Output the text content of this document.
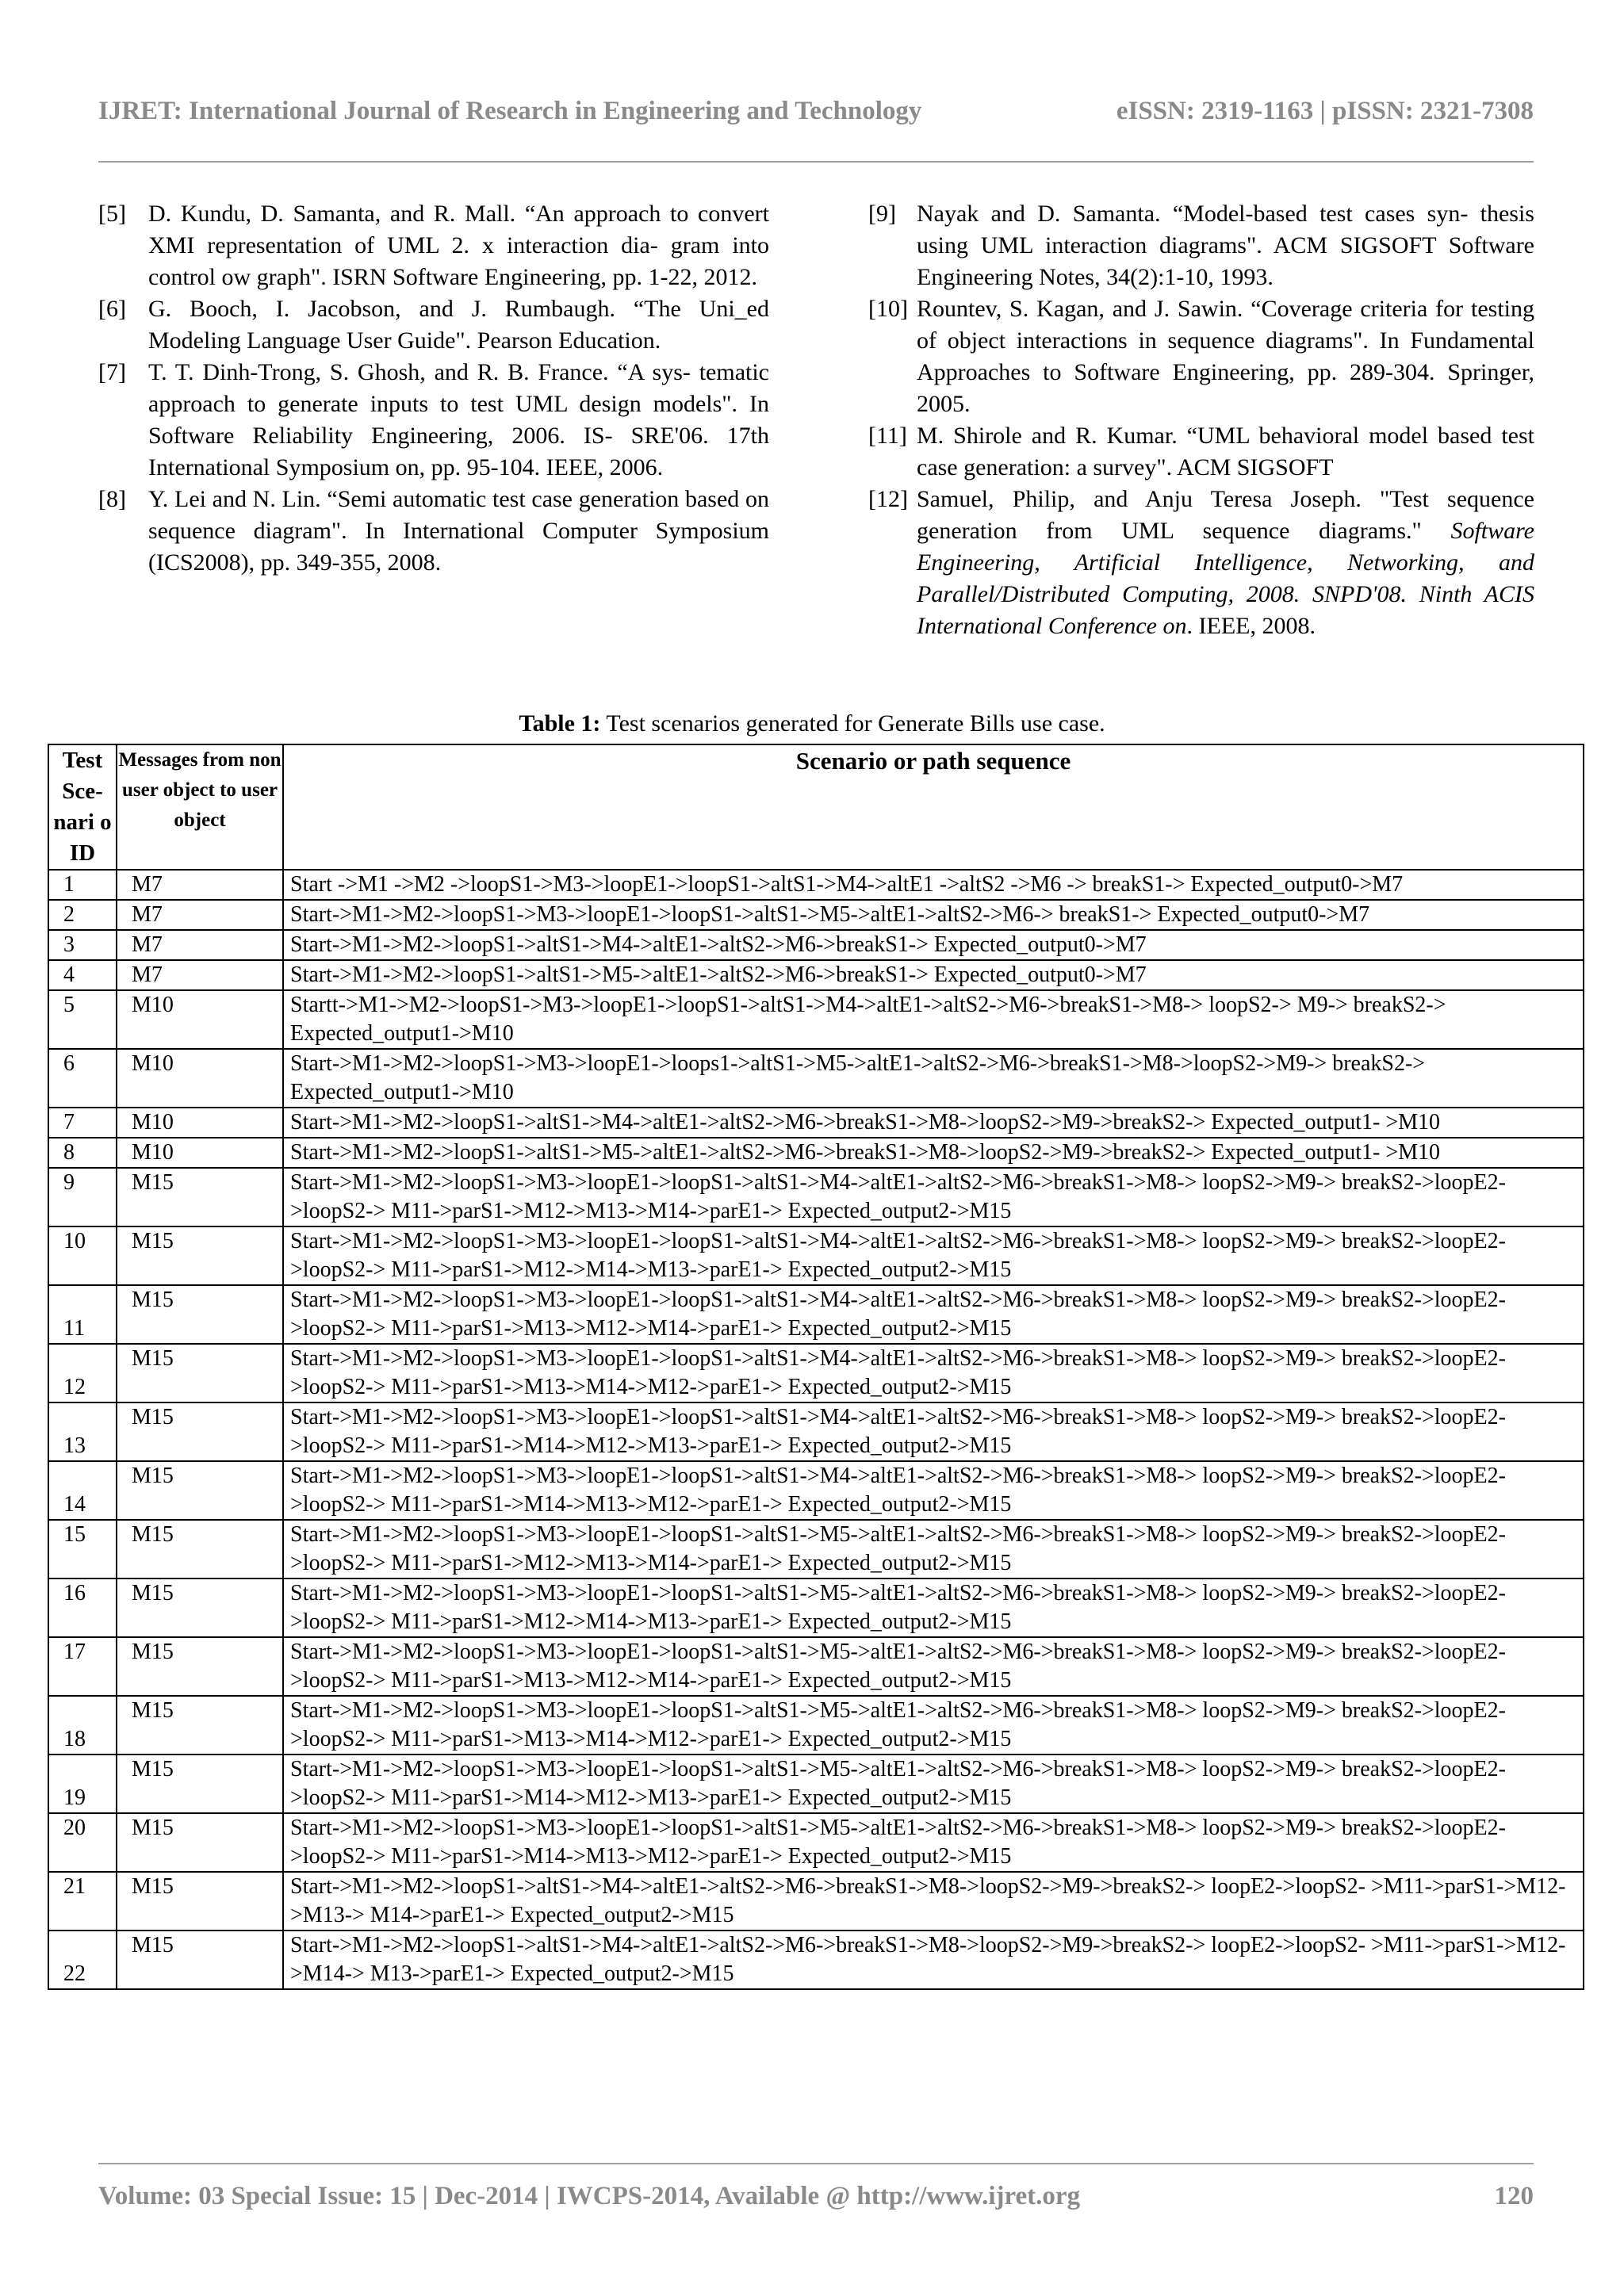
IJRET: International Journal of Research in Engineering and Technology	eISSN: 2319-1163 | pISSN: 2321-7308
[5] D. Kundu, D. Samanta, and R. Mall. “An approach to convert XMI representation of UML 2. x interaction dia- gram into control ow graph". ISRN Software Engineering, pp. 1-22, 2012.
[6] G. Booch, I. Jacobson, and J. Rumbaugh. “The Uni_ed Modeling Language User Guide". Pearson Education.
[7] T. T. Dinh-Trong, S. Ghosh, and R. B. France. “A sys- tematic approach to generate inputs to test UML design models". In Software Reliability Engineering, 2006. IS- SRE'06. 17th International Symposium on, pp. 95-104. IEEE, 2006.
[8] Y. Lei and N. Lin. “Semi automatic test case generation based on sequence diagram". In International Computer Symposium (ICS2008), pp. 349-355, 2008.
[9] Nayak and D. Samanta. “Model-based test cases syn- thesis using UML interaction diagrams". ACM SIGSOFT Software Engineering Notes, 34(2):1-10, 1993.
[10] Rountev, S. Kagan, and J. Sawin. “Coverage criteria for testing of object interactions in sequence diagrams". In Fundamental Approaches to Software Engineering, pp. 289-304. Springer, 2005.
[11] M. Shirole and R. Kumar. “UML behavioral model based test case generation: a survey". ACM SIGSOFT
[12] Samuel, Philip, and Anju Teresa Joseph. "Test sequence generation from UML sequence diagrams." Software Engineering, Artificial Intelligence, Networking, and Parallel/Distributed Computing, 2008. SNPD'08. Ninth ACIS International Conference on. IEEE, 2008.
Table 1: Test scenarios generated for Generate Bills use case.
Test Sce- nari o ID	Messages from non user object to user object	Scenario or path sequence
1	M7	Start ->M1 ->M2 ->loopS1->M3->loopE1->loopS1->altS1->M4->altE1 ->altS2 ->M6 -> breakS1-> Expected_output0->M7
2	M7	Start->M1->M2->loopS1->M3->loopE1->loopS1->altS1->M5->altE1->altS2->M6-> breakS1-> Expected_output0->M7
3	M7	Start->M1->M2->loopS1->altS1->M4->altE1->altS2->M6->breakS1-> Expected_output0->M7
4	M7	Start->M1->M2->loopS1->altS1->M5->altE1->altS2->M6->breakS1-> Expected_output0->M7
5	M10	Startt->M1->M2->loopS1->M3->loopE1->loopS1->altS1->M4->altE1->altS2->M6->breakS1->M8-> loopS2-> M9-> breakS2-> Expected_output1->M10
6	M10	Start->M1->M2->loopS1->M3->loopE1->loops1->altS1->M5->altE1->altS2->M6->breakS1->M8->loopS2->M9-> breakS2-> Expected_output1->M10
7	M10	Start->M1->M2->loopS1->altS1->M4->altE1->altS2->M6->breakS1->M8->loopS2->M9->breakS2-> Expected_output1- >M10
8	M10	Start->M1->M2->loopS1->altS1->M5->altE1->altS2->M6->breakS1->M8->loopS2->M9->breakS2-> Expected_output1- >M10
9	M15	Start->M1->M2->loopS1->M3->loopE1->loopS1->altS1->M4->altE1->altS2->M6->breakS1->M8-> loopS2->M9-> breakS2->loopE2->loopS2-> M11->parS1->M12->M13->M14->parE1-> Expected_output2->M15
10	M15	Start->M1->M2->loopS1->M3->loopE1->loopS1->altS1->M4->altE1->altS2->M6->breakS1->M8-> loopS2->M9-> breakS2->loopE2->loopS2-> M11->parS1->M12->M14->M13->parE1-> Expected_output2->M15
11	M15	Start->M1->M2->loopS1->M3->loopE1->loopS1->altS1->M4->altE1->altS2->M6->breakS1->M8-> loopS2->M9-> breakS2->loopE2->loopS2-> M11->parS1->M13->M12->M14->parE1-> Expected_output2->M15
12	M15	Start->M1->M2->loopS1->M3->loopE1->loopS1->altS1->M4->altE1->altS2->M6->breakS1->M8-> loopS2->M9-> breakS2->loopE2->loopS2-> M11->parS1->M13->M14->M12->parE1-> Expected_output2->M15
13	M15	Start->M1->M2->loopS1->M3->loopE1->loopS1->altS1->M4->altE1->altS2->M6->breakS1->M8-> loopS2->M9-> breakS2->loopE2->loopS2-> M11->parS1->M14->M12->M13->parE1-> Expected_output2->M15
14	M15	Start->M1->M2->loopS1->M3->loopE1->loopS1->altS1->M4->altE1->altS2->M6->breakS1->M8-> loopS2->M9-> breakS2->loopE2->loopS2-> M11->parS1->M14->M13->M12->parE1-> Expected_output2->M15
15	M15	Start->M1->M2->loopS1->M3->loopE1->loopS1->altS1->M5->altE1->altS2->M6->breakS1->M8-> loopS2->M9-> breakS2->loopE2->loopS2-> M11->parS1->M12->M13->M14->parE1-> Expected_output2->M15
16	M15	Start->M1->M2->loopS1->M3->loopE1->loopS1->altS1->M5->altE1->altS2->M6->breakS1->M8-> loopS2->M9-> breakS2->loopE2->loopS2-> M11->parS1->M12->M14->M13->parE1-> Expected_output2->M15
17	M15	Start->M1->M2->loopS1->M3->loopE1->loopS1->altS1->M5->altE1->altS2->M6->breakS1->M8-> loopS2->M9-> breakS2->loopE2->loopS2-> M11->parS1->M13->M12->M14->parE1-> Expected_output2->M15
18	M15	Start->M1->M2->loopS1->M3->loopE1->loopS1->altS1->M5->altE1->altS2->M6->breakS1->M8-> loopS2->M9-> breakS2->loopE2->loopS2-> M11->parS1->M13->M14->M12->parE1-> Expected_output2->M15
19	M15	Start->M1->M2->loopS1->M3->loopE1->loopS1->altS1->M5->altE1->altS2->M6->breakS1->M8-> loopS2->M9-> breakS2->loopE2->loopS2-> M11->parS1->M14->M12->M13->parE1-> Expected_output2->M15
20	M15	Start->M1->M2->loopS1->M3->loopE1->loopS1->altS1->M5->altE1->altS2->M6->breakS1->M8-> loopS2->M9-> breakS2->loopE2->loopS2-> M11->parS1->M14->M13->M12->parE1-> Expected_output2->M15
21	M15	Start->M1->M2->loopS1->altS1->M4->altE1->altS2->M6->breakS1->M8->loopS2->M9->breakS2-> loopE2->loopS2- >M11->parS1->M12->M13-> M14->parE1-> Expected_output2->M15
22	M15	Start->M1->M2->loopS1->altS1->M4->altE1->altS2->M6->breakS1->M8->loopS2->M9->breakS2-> loopE2->loopS2- >M11->parS1->M12->M14-> M13->parE1-> Expected_output2->M15
Volume: 03 Special Issue: 15 | Dec-2014 | IWCPS-2014, Available @ http://www.ijret.org	120
